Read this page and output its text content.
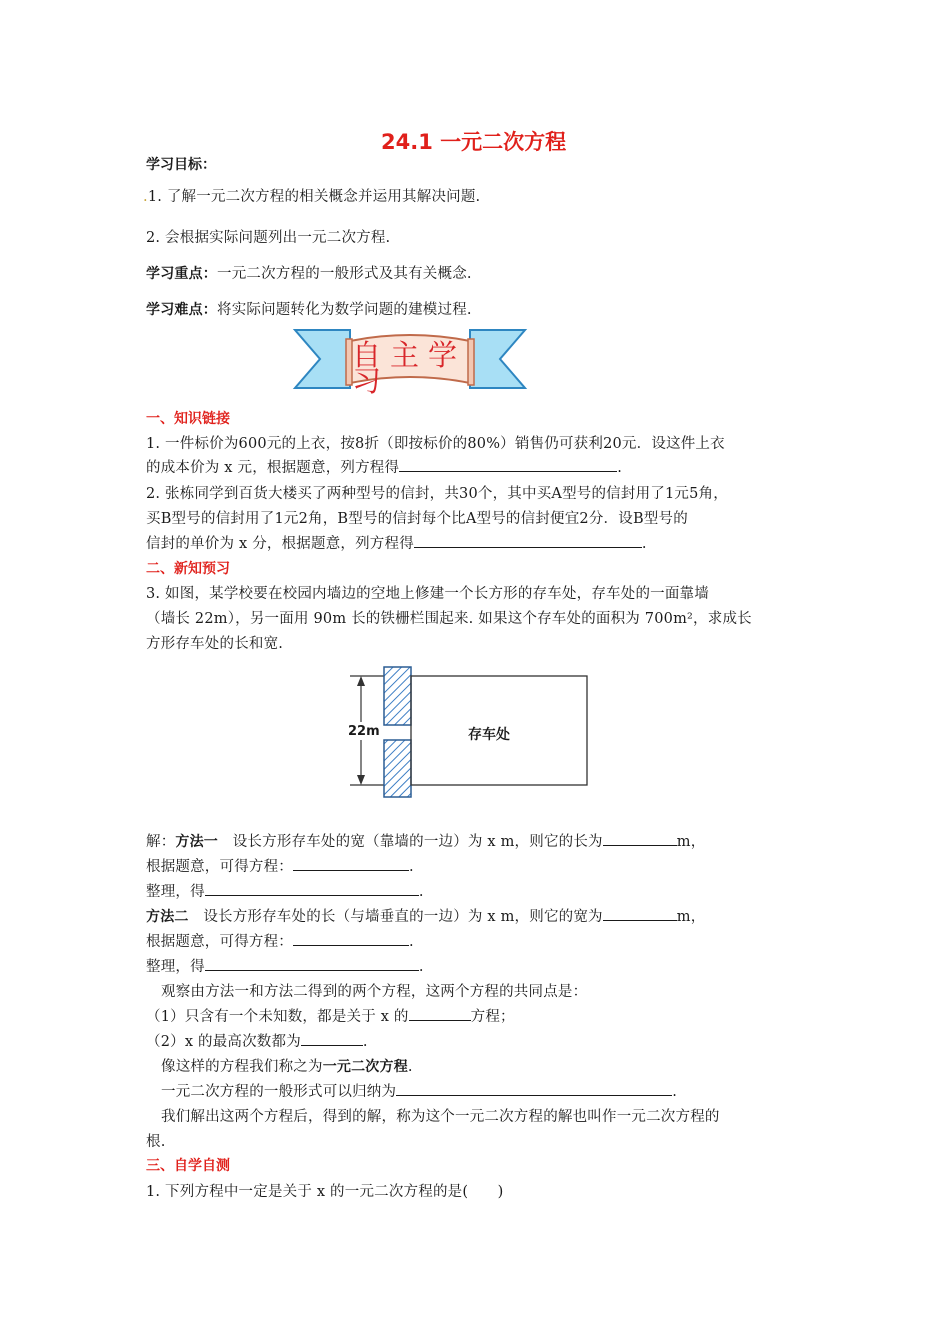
24.1 一元二次方程
学习目标：
.1. 了解一元二次方程的相关概念并运用其解决问题.
2. 会根据实际问题列出一元二次方程.
学习重点：一元二次方程的一般形式及其有关概念.
学习难点：将实际问题转化为数学问题的建模过程.
自主学习
一、知识链接
1. 一件标价为600元的上衣，按8折（即按标价的80%）销售仍可获利20元．设这件上衣
的成本价为 x 元，根据题意，列方程得	.
2. 张栋同学到百货大楼买了两种型号的信封，共30个，其中买A型号的信封用了1元5角，
买B型号的信封用了1元2角，B型号的信封每个比A型号的信封便宜2分．设B型号的
信封的单价为 x 分，根据题意，列方程得	.
二、新知预习
3. 如图，某学校要在校园内墙边的空地上修建一个长方形的存车处，存车处的一面靠墙
（墙长 22m），另一面用 90m 长的铁栅栏围起来. 如果这个存车处的面积为 700m²，求成长
方形存车处的长和宽.
22m	存车处
解：方法一  设长方形存车处的宽（靠墙的一边）为 x m，则它的长为	m，
根据题意，可得方程：	.
整理，得	.
方法二  设长方形存车处的长（与墙垂直的一边）为 x m，则它的宽为	m，
根据题意，可得方程：	.
整理，得	.
观察由方法一和方法二得到的两个方程，这两个方程的共同点是：
（1）只含有一个未知数，都是关于 x 的	方程；
（2）x 的最高次数都为	.
像这样的方程我们称之为一元二次方程.
一元二次方程的一般形式可以归纳为	.
我们解出这两个方程后，得到的解，称为这个一元二次方程的解也叫作一元二次方程的
根.
三、自学自测
1. 下列方程中一定是关于 x 的一元二次方程的是(　　)
